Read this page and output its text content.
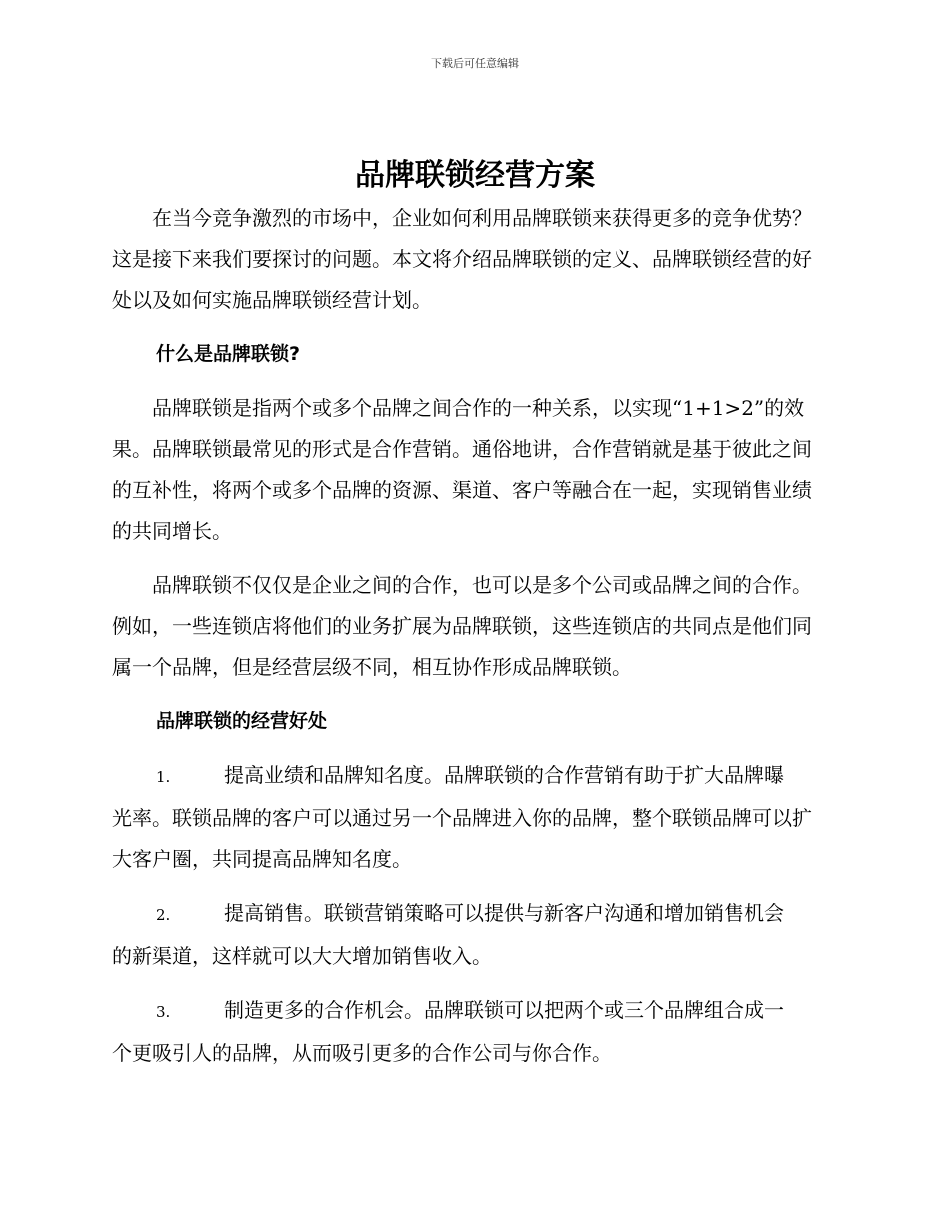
下载后可任意编辑
品牌联锁经营方案

在当今竞争激烈的市场中，企业如何利用品牌联锁来获得更多的竞争优势？这是接下来我们要探讨的问题。本文将介绍品牌联锁的定义、品牌联锁经营的好处以及如何实施品牌联锁经营计划。

什么是品牌联锁?

品牌联锁是指两个或多个品牌之间合作的一种关系，以实现“1+1>2”的效果。品牌联锁最常见的形式是合作营销。通俗地讲，合作营销就是基于彼此之间的互补性，将两个或多个品牌的资源、渠道、客户等融合在一起，实现销售业绩的共同增长。

品牌联锁不仅仅是企业之间的合作，也可以是多个公司或品牌之间的合作。例如，一些连锁店将他们的业务扩展为品牌联锁，这些连锁店的共同点是他们同属一个品牌，但是经营层级不同，相互协作形成品牌联锁。

品牌联锁的经营好处

1.	提高业绩和品牌知名度。品牌联锁的合作营销有助于扩大品牌曝
光率。联锁品牌的客户可以通过另一个品牌进入你的品牌，整个联锁品牌可以扩大客户圈，共同提高品牌知名度。

2.	提高销售。联锁营销策略可以提供与新客户沟通和增加销售机会
的新渠道，这样就可以大大增加销售收入。

3.	制造更多的合作机会。品牌联锁可以把两个或三个品牌组合成一
个更吸引人的品牌，从而吸引更多的合作公司与你合作。
